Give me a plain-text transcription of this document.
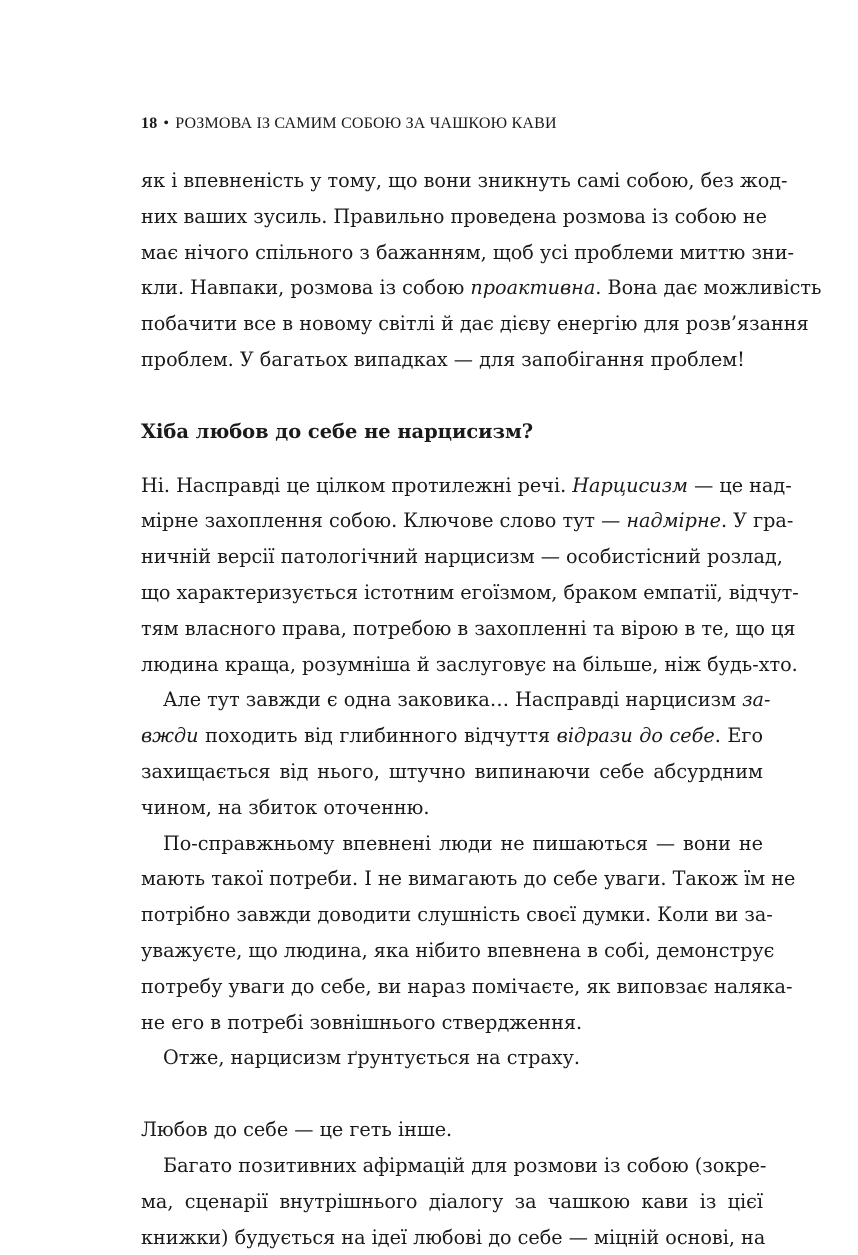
18 • РОЗМОВА ІЗ САМИМ СОБОЮ ЗА ЧАШКОЮ КАВИ
як і впевненість у тому, що вони зникнуть самі собою, без жод-
них ваших зусиль. Правильно проведена розмова із собою не
має нічого спільного з бажанням, щоб усі проблеми миттю зни-
кли. Навпаки, розмова із собою проактивна. Вона дає можливість
побачити все в новому світлі й дає дієву енергію для розв’язання
проблем. У багатьох випадках — для запобігання проблем!
Хіба любов до себе не нарцисизм?
Ні. Насправді це цілком протилежні речі. Нарцисизм — це над-
мірне захоплення собою. Ключове слово тут — надмірне. У гра-
ничній версії патологічний нарцисизм — особистісний розлад,
що характеризується істотним егоїзмом, браком емпатії, відчут-
тям власного права, потребою в захопленні та вірою в те, що ця
людина краща, розумніша й заслуговує на більше, ніж будь-хто.
Але тут завжди є одна заковика… Насправді нарцисизм за-
вжди походить від глибинного відчуття відрази до себе. Его
захищається від нього, штучно випинаючи себе абсурдним
чином, на збиток оточенню.
По-справжньому впевнені люди не пишаються — вони не
мають такої потреби. І не вимагають до себе уваги. Також їм не
потрібно завжди доводити слушність своєї думки. Коли ви за-
уважуєте, що людина, яка нібито впевнена в собі, демонструє
потребу уваги до себе, ви нараз помічаєте, як виповзає наляка-
не его в потребі зовнішнього ствердження.
Отже, нарцисизм ґрунтується на страху.
Любов до себе — це геть інше.
Багато позитивних афірмацій для розмови із собою (зокре-
ма, сценарії внутрішнього діалогу за чашкою кави із цієї
книжки) будується на ідеї любові до себе — міцній основі, на
